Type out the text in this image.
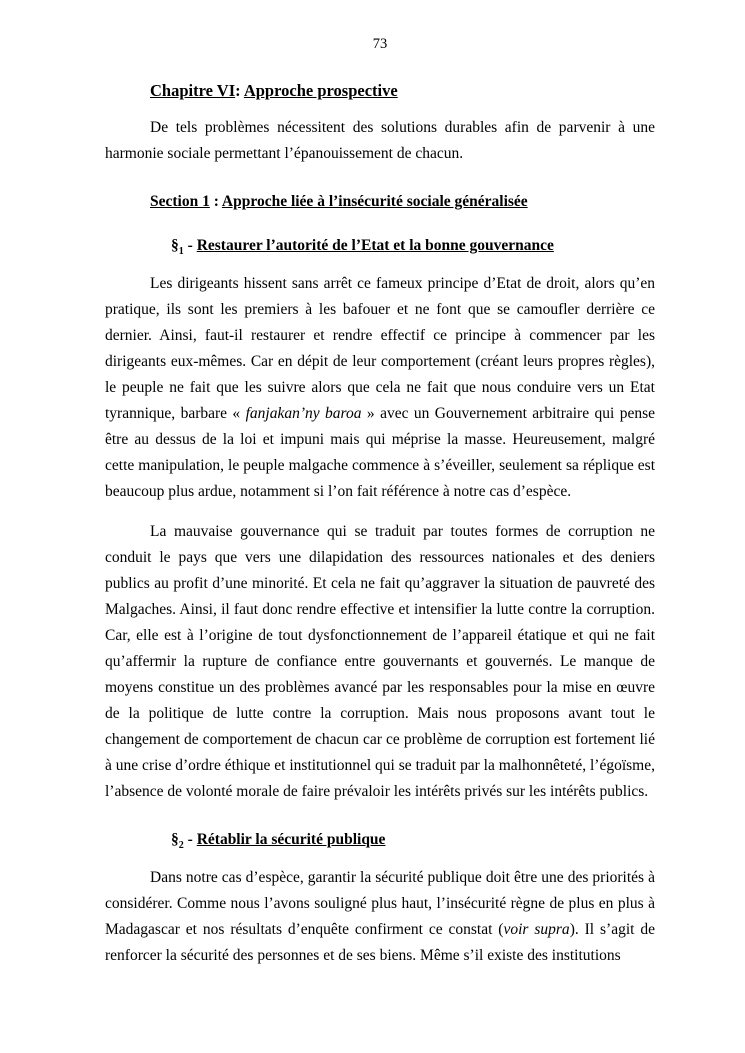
73
Chapitre VI: Approche prospective

De tels problèmes nécessitent des solutions durables afin de parvenir à une harmonie sociale permettant l’épanouissement de chacun.

Section 1 : Approche liée à l’insécurité sociale généralisée
$\S_1$ - Restaurer l’autorité de l’Etat et la bonne gouvernance

Les dirigeants hissent sans arrêt ce fameux principe d’Etat de droit, alors qu’en pratique, ils sont les premiers à les bafouer et ne font que se camoufler derrière ce dernier. Ainsi, faut-il restaurer et rendre effectif ce principe à commencer par les dirigeants eux-mêmes. Car en dépit de leur comportement (créant leurs propres règles), le peuple ne fait que les suivre alors que cela ne fait que nous conduire vers un Etat tyrannique, barbare « fanjakan’ny baroa » avec un Gouvernement arbitraire qui pense être au dessus de la loi et impuni mais qui méprise la masse. Heureusement, malgré cette manipulation, le peuple malgache commence à s’éveiller, seulement sa réplique est beaucoup plus ardue, notamment si l’on fait référence à notre cas d’espèce.

La mauvaise gouvernance qui se traduit par toutes formes de corruption ne conduit le pays que vers une dilapidation des ressources nationales et des deniers publics au profit d’une minorité. Et cela ne fait qu’aggraver la situation de pauvreté des Malgaches. Ainsi, il faut donc rendre effective et intensifier la lutte contre la corruption. Car, elle est à l’origine de tout dysfonctionnement de l’appareil étatique et qui ne fait qu’affermir la rupture de confiance entre gouvernants et gouvernés. Le manque de moyens constitue un des problèmes avancé par les responsables pour la mise en œuvre de la politique de lutte contre la corruption. Mais nous proposons avant tout le changement de comportement de chacun car ce problème de corruption est fortement lié à une crise d’ordre éthique et institutionnel qui se traduit par la malhonnêteté, l’égoïsme, l’absence de volonté morale de faire prévaloir les intérêts privés sur les intérêts publics.

$\S_2$ - Rétablir la sécurité publique

Dans notre cas d’espèce, garantir la sécurité publique doit être une des priorités à considérer. Comme nous l’avons souligné plus haut, l’insécurité règne de plus en plus à Madagascar et nos résultats d’enquête confirment ce constat (voir supra). Il s’agit de renforcer la sécurité des personnes et de ses biens. Même s’il existe des institutions
